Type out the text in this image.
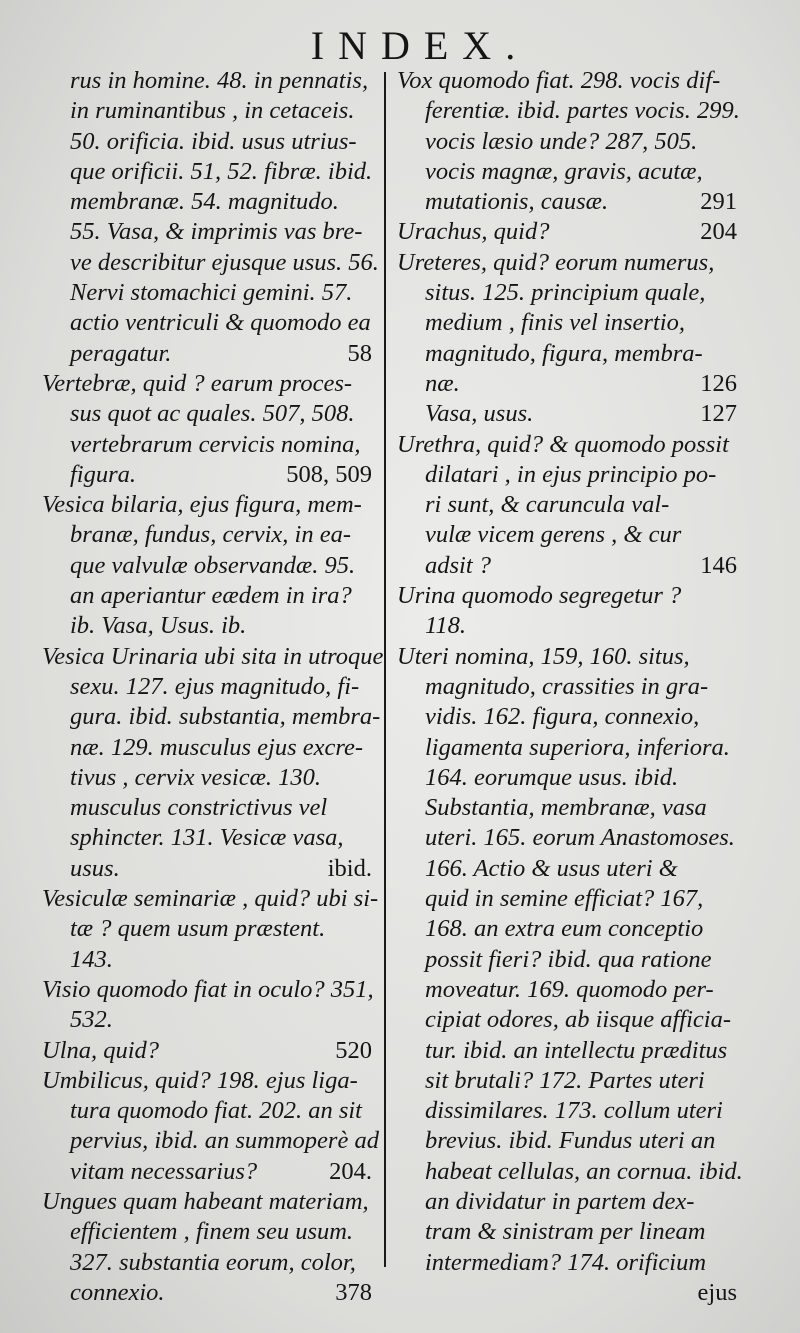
INDEX.
rus in homine. 48. in pennatis,
in ruminantibus , in cetaceis.
50. orificia. ibid. usus utrius-
que orificii. 51, 52. fibræ. ibid.
membranæ. 54. magnitudo.
55. Vasa, & imprimis vas bre-
ve describitur ejusque usus. 56.
Nervi stomachici gemini. 57.
actio ventriculi & quomodo ea
peragatur.	58
Vertebræ, quid ? earum proces-
sus quot ac quales. 507, 508.
vertebrarum cervicis nomina,
figura.	508, 509
Vesica bilaria, ejus figura, mem-
branæ, fundus, cervix, in ea-
que valvulæ observandæ. 95.
an aperiantur eædem in ira?
ib. Vasa, Usus. ib.
Vesica Urinaria ubi sita in utroque
sexu. 127. ejus magnitudo, fi-
gura. ibid. substantia, membra-
næ. 129. musculus ejus excre-
tivus , cervix vesicæ. 130.
musculus constrictivus vel
sphincter. 131. Vesicæ vasa,
usus.	ibid.
Vesiculæ seminariæ , quid? ubi si-
tæ ? quem usum præstent.
143.
Visio quomodo fiat in oculo? 351,
532.
Ulna, quid?	520
Umbilicus, quid? 198. ejus liga-
tura quomodo fiat. 202. an sit
pervius, ibid. an summoperè ad
vitam necessarius?	204.
Ungues quam habeant materiam,
efficientem , finem seu usum.
327. substantia eorum, color,
connexio.	378
Vox quomodo fiat. 298. vocis dif-
ferentiæ. ibid. partes vocis. 299.
vocis læsio unde? 287, 505.
vocis magnæ, gravis, acutæ,
mutationis, causæ.	291
Urachus, quid?	204
Ureteres, quid? eorum numerus,
situs. 125. principium quale,
medium , finis vel insertio,
magnitudo, figura, membra-
næ.	126
Vasa, usus.	127
Urethra, quid? & quomodo possit
dilatari , in ejus principio po-
ri sunt, & caruncula val-
vulæ vicem gerens , & cur
adsit ?	146
Urina quomodo segregetur ?
118.
Uteri nomina, 159, 160. situs,
magnitudo, crassities in gra-
vidis. 162. figura, connexio,
ligamenta superiora, inferiora.
164. eorumque usus. ibid.
Substantia, membranæ, vasa
uteri. 165. eorum Anastomoses.
166. Actio & usus uteri &
quid in semine efficiat? 167,
168. an extra eum conceptio
possit fieri? ibid. qua ratione
moveatur. 169. quomodo per-
cipiat odores, ab iisque afficia-
tur. ibid. an intellectu præditus
sit brutali? 172. Partes uteri
dissimilares. 173. collum uteri
brevius. ibid. Fundus uteri an
habeat cellulas, an cornua. ibid.
an dividatur in partem dex-
tram & sinistram per lineam
intermediam? 174. orificium
ejus
